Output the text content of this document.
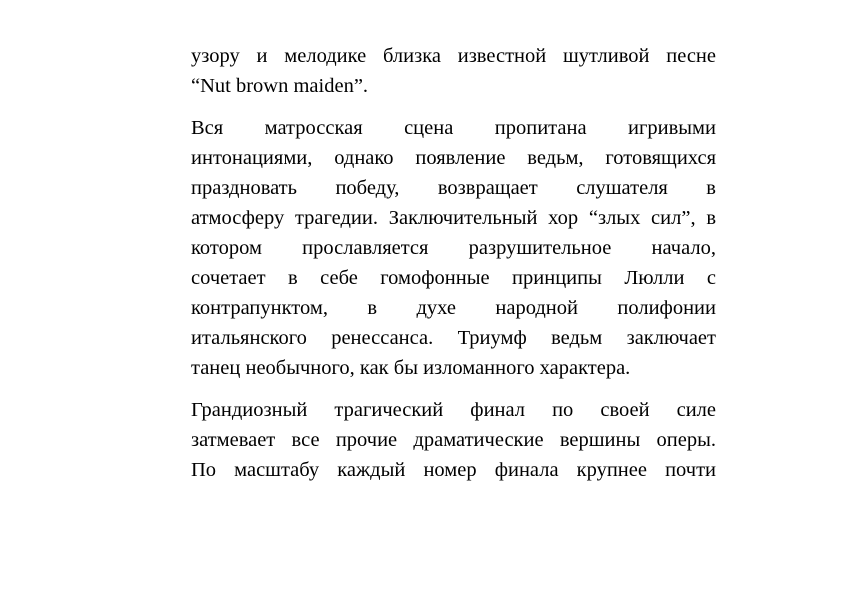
узору и мелодике близка известной шутливой песне
“Nut brown maiden”.
Вся матросская сцена пропитана игривыми
интонациями, однако появление ведьм, готовящихся
праздновать победу, возвращает слушателя в
атмосферу трагедии. Заключительный хор “злых сил”, в
котором прославляется разрушительное начало,
сочетает в себе гомофонные принципы Люлли с
контрапунктом, в духе народной полифонии
итальянского ренессанса. Триумф ведьм заключает
танец необычного, как бы изломанного характера.
Грандиозный трагический финал по своей силе
затмевает все прочие драматические вершины оперы.
По масштабу каждый номер финала крупнее почти
